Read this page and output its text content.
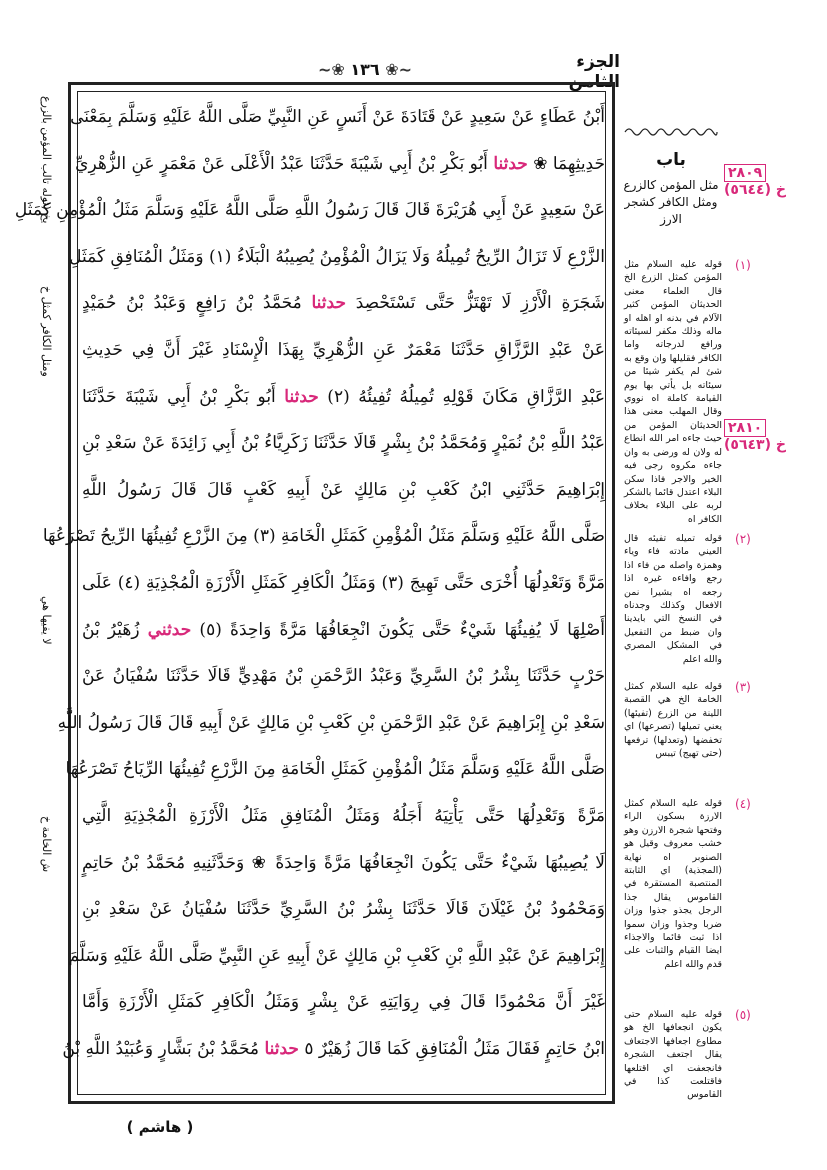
الجزء الثامن
~❀ ١٣٦ ❀~
أَبْنُ عَطَاءٍ عَنْ سَعِيدٍ عَنْ قَتَادَةَ عَنْ أَنَسٍ عَنِ النَّبِيِّ صَلَّى اللَّهُ عَلَيْهِ وَسَلَّمَ بِمَعْنَى
حَدِيثِهِمَا ❀ حدثنا أَبُو بَكْرِ بْنُ أَبِي شَيْبَةَ حَدَّثَنَا عَبْدُ الْأَعْلَى عَنْ مَعْمَرٍ عَنِ الزُّهْرِيِّ
عَنْ سَعِيدٍ عَنْ أَبِي هُرَيْرَةَ قَالَ قَالَ رَسُولُ اللَّهِ صَلَّى اللَّهُ عَلَيْهِ وَسَلَّمَ مَثَلُ الْمُؤْمِنِ كَمَثَلِ
الزَّرْعِ لَا تَزَالُ الرِّيحُ تُمِيلُهُ وَلَا يَزَالُ الْمُؤْمِنُ يُصِيبُهُ الْبَلَاءُ (١) وَمَثَلُ الْمُنَافِقِ كَمَثَلِ
شَجَرَةِ الْأَرْزِ لَا تَهْتَزُّ حَتَّى تَسْتَحْصِدَ حدثنا مُحَمَّدُ بْنُ رَافِعٍ وَعَبْدُ بْنُ حُمَيْدٍ
عَنْ عَبْدِ الرَّزَّاقِ حَدَّثَنَا مَعْمَرٌ عَنِ الزُّهْرِيِّ بِهَذَا الْإِسْنَادِ غَيْرَ أَنَّ فِي حَدِيثِ
عَبْدِ الرَّزَّاقِ مَكَانَ قَوْلِهِ تُمِيلُهُ تُفِيئُهُ (٢) حدثنا أَبُو بَكْرِ بْنُ أَبِي شَيْبَةَ حَدَّثَنَا
عَبْدُ اللَّهِ بْنُ نُمَيْرٍ وَمُحَمَّدُ بْنُ بِشْرٍ قَالَا حَدَّثَنَا زَكَرِيَّاءُ بْنُ أَبِي زَائِدَةَ عَنْ سَعْدِ بْنِ
إِبْرَاهِيمَ حَدَّثَنِي ابْنُ كَعْبِ بْنِ مَالِكٍ عَنْ أَبِيهِ كَعْبٍ قَالَ قَالَ رَسُولُ اللَّهِ
صَلَّى اللَّهُ عَلَيْهِ وَسَلَّمَ مَثَلُ الْمُؤْمِنِ كَمَثَلِ الْخَامَةِ (٣) مِنَ الزَّرْعِ تُفِيئُهَا الرِّيحُ تَصْرَعُهَا
مَرَّةً وَتَعْدِلُهَا أُخْرَى حَتَّى تَهِيجَ (٣) وَمَثَلُ الْكَافِرِ كَمَثَلِ الْأَرْزَةِ الْمُجْذِيَةِ (٤) عَلَى
أَصْلِهَا لَا يُفِيئُهَا شَيْءٌ حَتَّى يَكُونَ انْجِعَافُهَا مَرَّةً وَاحِدَةً (٥) حدثني زُهَيْرُ بْنُ
حَرْبٍ حَدَّثَنَا بِشْرُ بْنُ السَّرِيِّ وَعَبْدُ الرَّحْمَنِ بْنُ مَهْدِيٍّ قَالَا حَدَّثَنَا سُفْيَانُ عَنْ
سَعْدِ بْنِ إِبْرَاهِيمَ عَنْ عَبْدِ الرَّحْمَنِ بْنِ كَعْبِ بْنِ مَالِكٍ عَنْ أَبِيهِ قَالَ قَالَ رَسُولُ اللَّهِ
صَلَّى اللَّهُ عَلَيْهِ وَسَلَّمَ مَثَلُ الْمُؤْمِنِ كَمَثَلِ الْخَامَةِ مِنَ الزَّرْعِ تُفِيئُهَا الرِّيَاحُ تَصْرَعُهَا
مَرَّةً وَتَعْدِلُهَا حَتَّى يَأْتِيَهُ أَجَلُهُ وَمَثَلُ الْمُنَافِقِ مَثَلُ الْأَرْزَةِ الْمُجْذِيَةِ الَّتِي
لَا يُصِيبُهَا شَيْءٌ حَتَّى يَكُونَ انْجِعَافُهَا مَرَّةً وَاحِدَةً ❀ وَحَدَّثَنِيهِ مُحَمَّدُ بْنُ حَاتِمٍ
وَمَحْمُودُ بْنُ غَيْلَانَ قَالَا حَدَّثَنَا بِشْرُ بْنُ السَّرِيِّ حَدَّثَنَا سُفْيَانُ عَنْ سَعْدِ بْنِ
إِبْرَاهِيمَ عَنْ عَبْدِ اللَّهِ بْنِ كَعْبِ بْنِ مَالِكٍ عَنْ أَبِيهِ عَنِ النَّبِيِّ صَلَّى اللَّهُ عَلَيْهِ وَسَلَّمَ
غَيْرَ أَنَّ مَحْمُودًا قَالَ فِي رِوَايَتِهِ عَنْ بِشْرٍ وَمَثَلُ الْكَافِرِ كَمَثَلِ الْأَرْزَةِ وَأَمَّا
ابْنُ حَاتِمٍ فَقَالَ مَثَلُ الْمُنَافِقِ كَمَا قَالَ زُهَيْرٌ ٥ حدثنا مُحَمَّدُ بْنُ بَشَّارٍ وَعُبَيْدُ اللَّهِ بْنُ
يخ (توله تالب المؤمن بالزرع
ومثل الكافر كمثل خ
لا يفيها هي
ش الخامة خ
باب
مثل المؤمن كالزرع ومثل الكافر كشجر الارز
٢٨٠٩
خ (٥٦٤٤)
٢٨١٠
خ (٥٦٤٣)
(١)
قوله عليه السلام مثل المؤمن كمثل الزرع الخ قال العلماء معنى الحديثان المؤمن كثير الآلام في بدنه او اهله او ماله وذلك مكفر لسيئاته ورافع لدرجاته واما الكافر فقليلها وان وقع به شئ لم يكفر شيئا من سيئاته بل يأتي بها يوم القيامة كاملة اه نووي وقال المهلب معنى هذا الحديثان المؤمن من حيث جاءه امر الله انطاع له ولان له ورضى به وان جاءه مكروه رجى فيه الخير والاجر فاذا سكن البلاء اعتدل قائما بالشكر لربه على البلاء بخلاف الكافر اه
(٢)
قوله تميله تفيئه قال العيني مادته فاء وياء وهمزة واصله من فاء اذا رجع وافاءه غيره اذا رجعه اه بشيرا نمن الافعال وكذلك وجدناه في النسخ التي بايدينا وان ضبط من التفعيل في المشكل المصري والله اعلم
(٣)
قوله عليه السلام كمثل الخامة الخ هي القصبة اللينة من الزرع (تفيئها) يعني تميلها (تصرعها) اي تخفضها (وتعدلها) ترفعها (حتى تهيج) تيبس
(٤)
قوله عليه السلام كمثل الارزة بسكون الراء وفتحها شجرة الارزن وهو خشب معروف وقيل هو الصنوبر اه نهاية (المجذية) اي الثابتة المنتصبة المستقرة في القاموس يقال جذا الرجل يجذو جذوا وزان ضربا وجذوا وزان سموا اذا ثبت قائما والاجذاء ايضا القيام والثبات على قدم والله اعلم
(٥)
قوله عليه السلام حتى يكون انجعافها الخ هو مطاوع اجعافها الاجتعاف يقال اجتعف الشجرة فانجعفت اي اقتلعها فاقتلعت كذا في القاموس
( هاشم )
